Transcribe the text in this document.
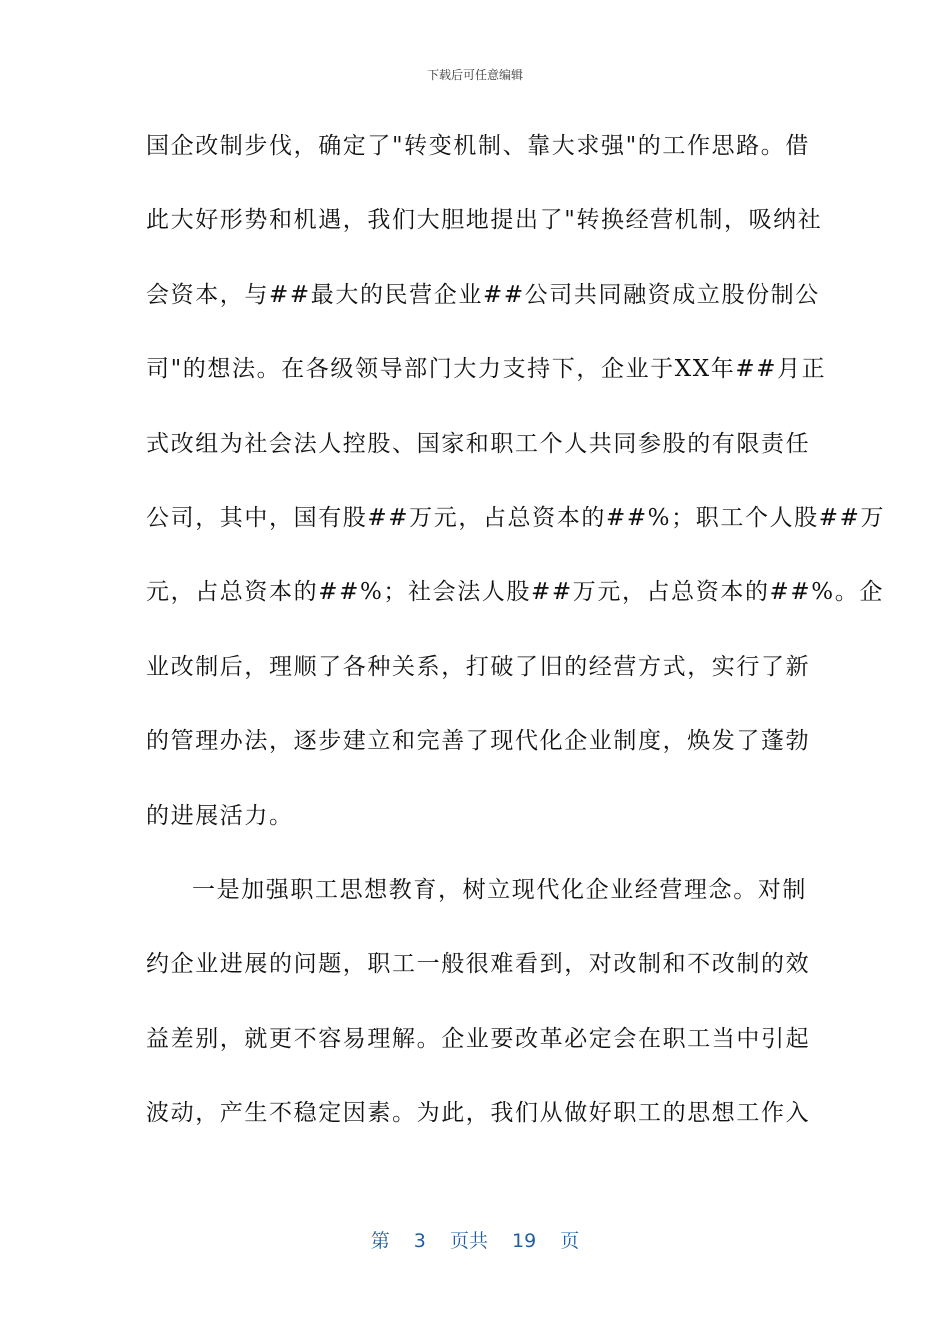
下载后可任意编辑
国企改制步伐，确定了"转变机制、靠大求强"的工作思路。借
此大好形势和机遇，我们大胆地提出了"转换经营机制，吸纳社
会资本，与##最大的民营企业##公司共同融资成立股份制公
司"的想法。在各级领导部门大力支持下，企业于XX年##月正
式改组为社会法人控股、国家和职工个人共同参股的有限责任
公司，其中，国有股##万元，占总资本的##%；职工个人股##万
元，占总资本的##%；社会法人股##万元，占总资本的##%。企
业改制后，理顺了各种关系，打破了旧的经营方式，实行了新
的管理办法，逐步建立和完善了现代化企业制度，焕发了蓬勃
的进展活力。
一是加强职工思想教育，树立现代化企业经营理念。对制
约企业进展的问题，职工一般很难看到，对改制和不改制的效
益差别，就更不容易理解。企业要改革必定会在职工当中引起
波动，产生不稳定因素。为此，我们从做好职工的思想工作入
第 3 页共 19 页
